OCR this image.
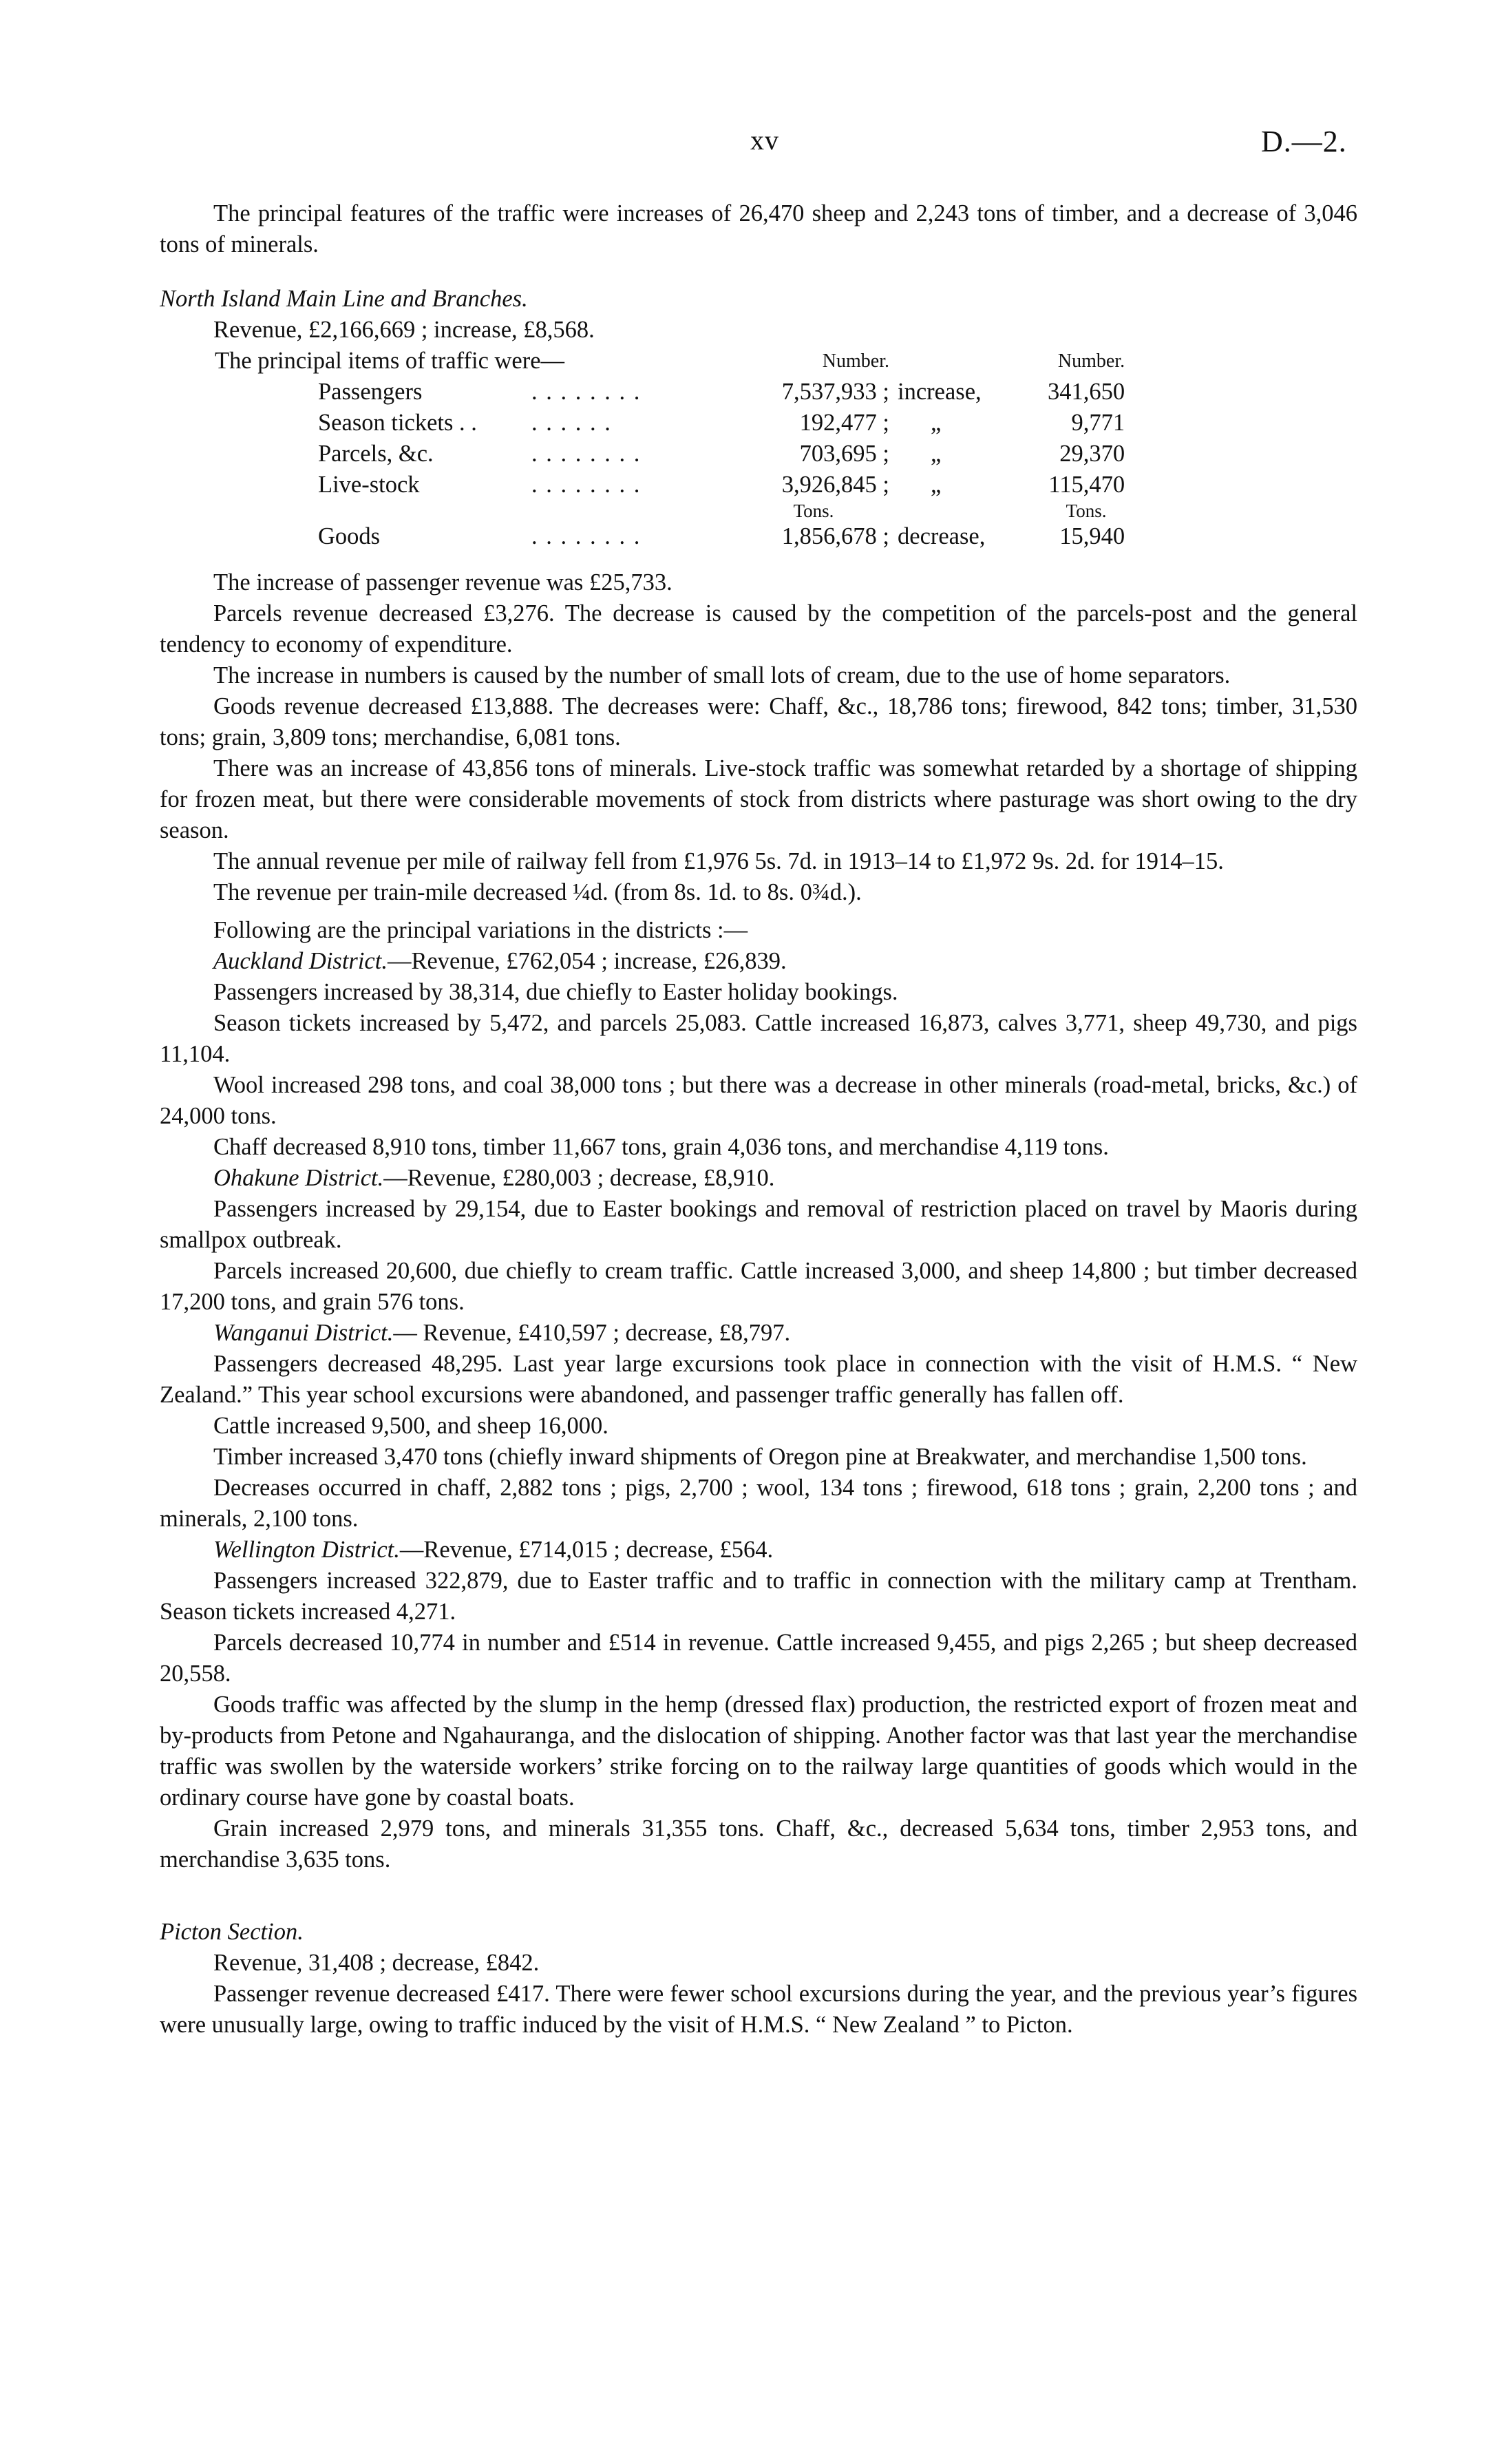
xv	D.—2.

The principal features of the traffic were increases of 26,470 sheep and 2,243 tons of timber, and a decrease of 3,046 tons of minerals.

North Island Main Line and Branches.

Revenue, £2,166,669 ; increase, £8,568.

The principal items of traffic were—	Number.		Number.
Passengers	. . . . . . . .	7,537,933 ;	increase,	341,650
Season tickets . .	. . . . . .	192,477 ;	„	9,771
Parcels, &c.	. . . . . . . .	703,695 ;	„	29,370
Live-stock	. . . . . . . .	3,926,845 ;	„	115,470
		Tons.		Tons.
Goods	. . . . . . . .	1,856,678 ;	decrease,	15,940

The increase of passenger revenue was £25,733.

Parcels revenue decreased £3,276. The decrease is caused by the competition of the parcels-post and the general tendency to economy of expenditure.

The increase in numbers is caused by the number of small lots of cream, due to the use of home separators.

Goods revenue decreased £13,888. The decreases were: Chaff, &c., 18,786 tons; firewood, 842 tons; timber, 31,530 tons; grain, 3,809 tons; merchandise, 6,081 tons.

There was an increase of 43,856 tons of minerals. Live-stock traffic was somewhat retarded by a shortage of shipping for frozen meat, but there were considerable movements of stock from districts where pasturage was short owing to the dry season.

The annual revenue per mile of railway fell from £1,976 5s. 7d. in 1913–14 to £1,972 9s. 2d. for 1914–15.

The revenue per train-mile decreased ¼d. (from 8s. 1d. to 8s. 0¾d.).

Following are the principal variations in the districts :—

Auckland District.—Revenue, £762,054 ; increase, £26,839.

Passengers increased by 38,314, due chiefly to Easter holiday bookings.

Season tickets increased by 5,472, and parcels 25,083. Cattle increased 16,873, calves 3,771, sheep 49,730, and pigs 11,104.

Wool increased 298 tons, and coal 38,000 tons ; but there was a decrease in other minerals (road-metal, bricks, &c.) of 24,000 tons.

Chaff decreased 8,910 tons, timber 11,667 tons, grain 4,036 tons, and merchandise 4,119 tons.

Ohakune District.—Revenue, £280,003 ; decrease, £8,910.

Passengers increased by 29,154, due to Easter bookings and removal of restriction placed on travel by Maoris during smallpox outbreak.

Parcels increased 20,600, due chiefly to cream traffic. Cattle increased 3,000, and sheep 14,800 ; but timber decreased 17,200 tons, and grain 576 tons.

Wanganui District.— Revenue, £410,597 ; decrease, £8,797.

Passengers decreased 48,295. Last year large excursions took place in connection with the visit of H.M.S. “ New Zealand.” This year school excursions were abandoned, and passenger traffic generally has fallen off.

Cattle increased 9,500, and sheep 16,000.

Timber increased 3,470 tons (chiefly inward shipments of Oregon pine at Breakwater, and merchandise 1,500 tons.

Decreases occurred in chaff, 2,882 tons ; pigs, 2,700 ; wool, 134 tons ; firewood, 618 tons ; grain, 2,200 tons ; and minerals, 2,100 tons.

Wellington District.—Revenue, £714,015 ; decrease, £564.

Passengers increased 322,879, due to Easter traffic and to traffic in connection with the military camp at Trentham. Season tickets increased 4,271.

Parcels decreased 10,774 in number and £514 in revenue. Cattle increased 9,455, and pigs 2,265 ; but sheep decreased 20,558.

Goods traffic was affected by the slump in the hemp (dressed flax) production, the restricted export of frozen meat and by-products from Petone and Ngahauranga, and the dislocation of shipping. Another factor was that last year the merchandise traffic was swollen by the waterside workers’ strike forcing on to the railway large quantities of goods which would in the ordinary course have gone by coastal boats.

Grain increased 2,979 tons, and minerals 31,355 tons. Chaff, &c., decreased 5,634 tons, timber 2,953 tons, and merchandise 3,635 tons.

Picton Section.

Revenue, 31,408 ; decrease, £842.

Passenger revenue decreased £417. There were fewer school excursions during the year, and the previous year’s figures were unusually large, owing to traffic induced by the visit of H.M.S. “ New Zealand ” to Picton.
